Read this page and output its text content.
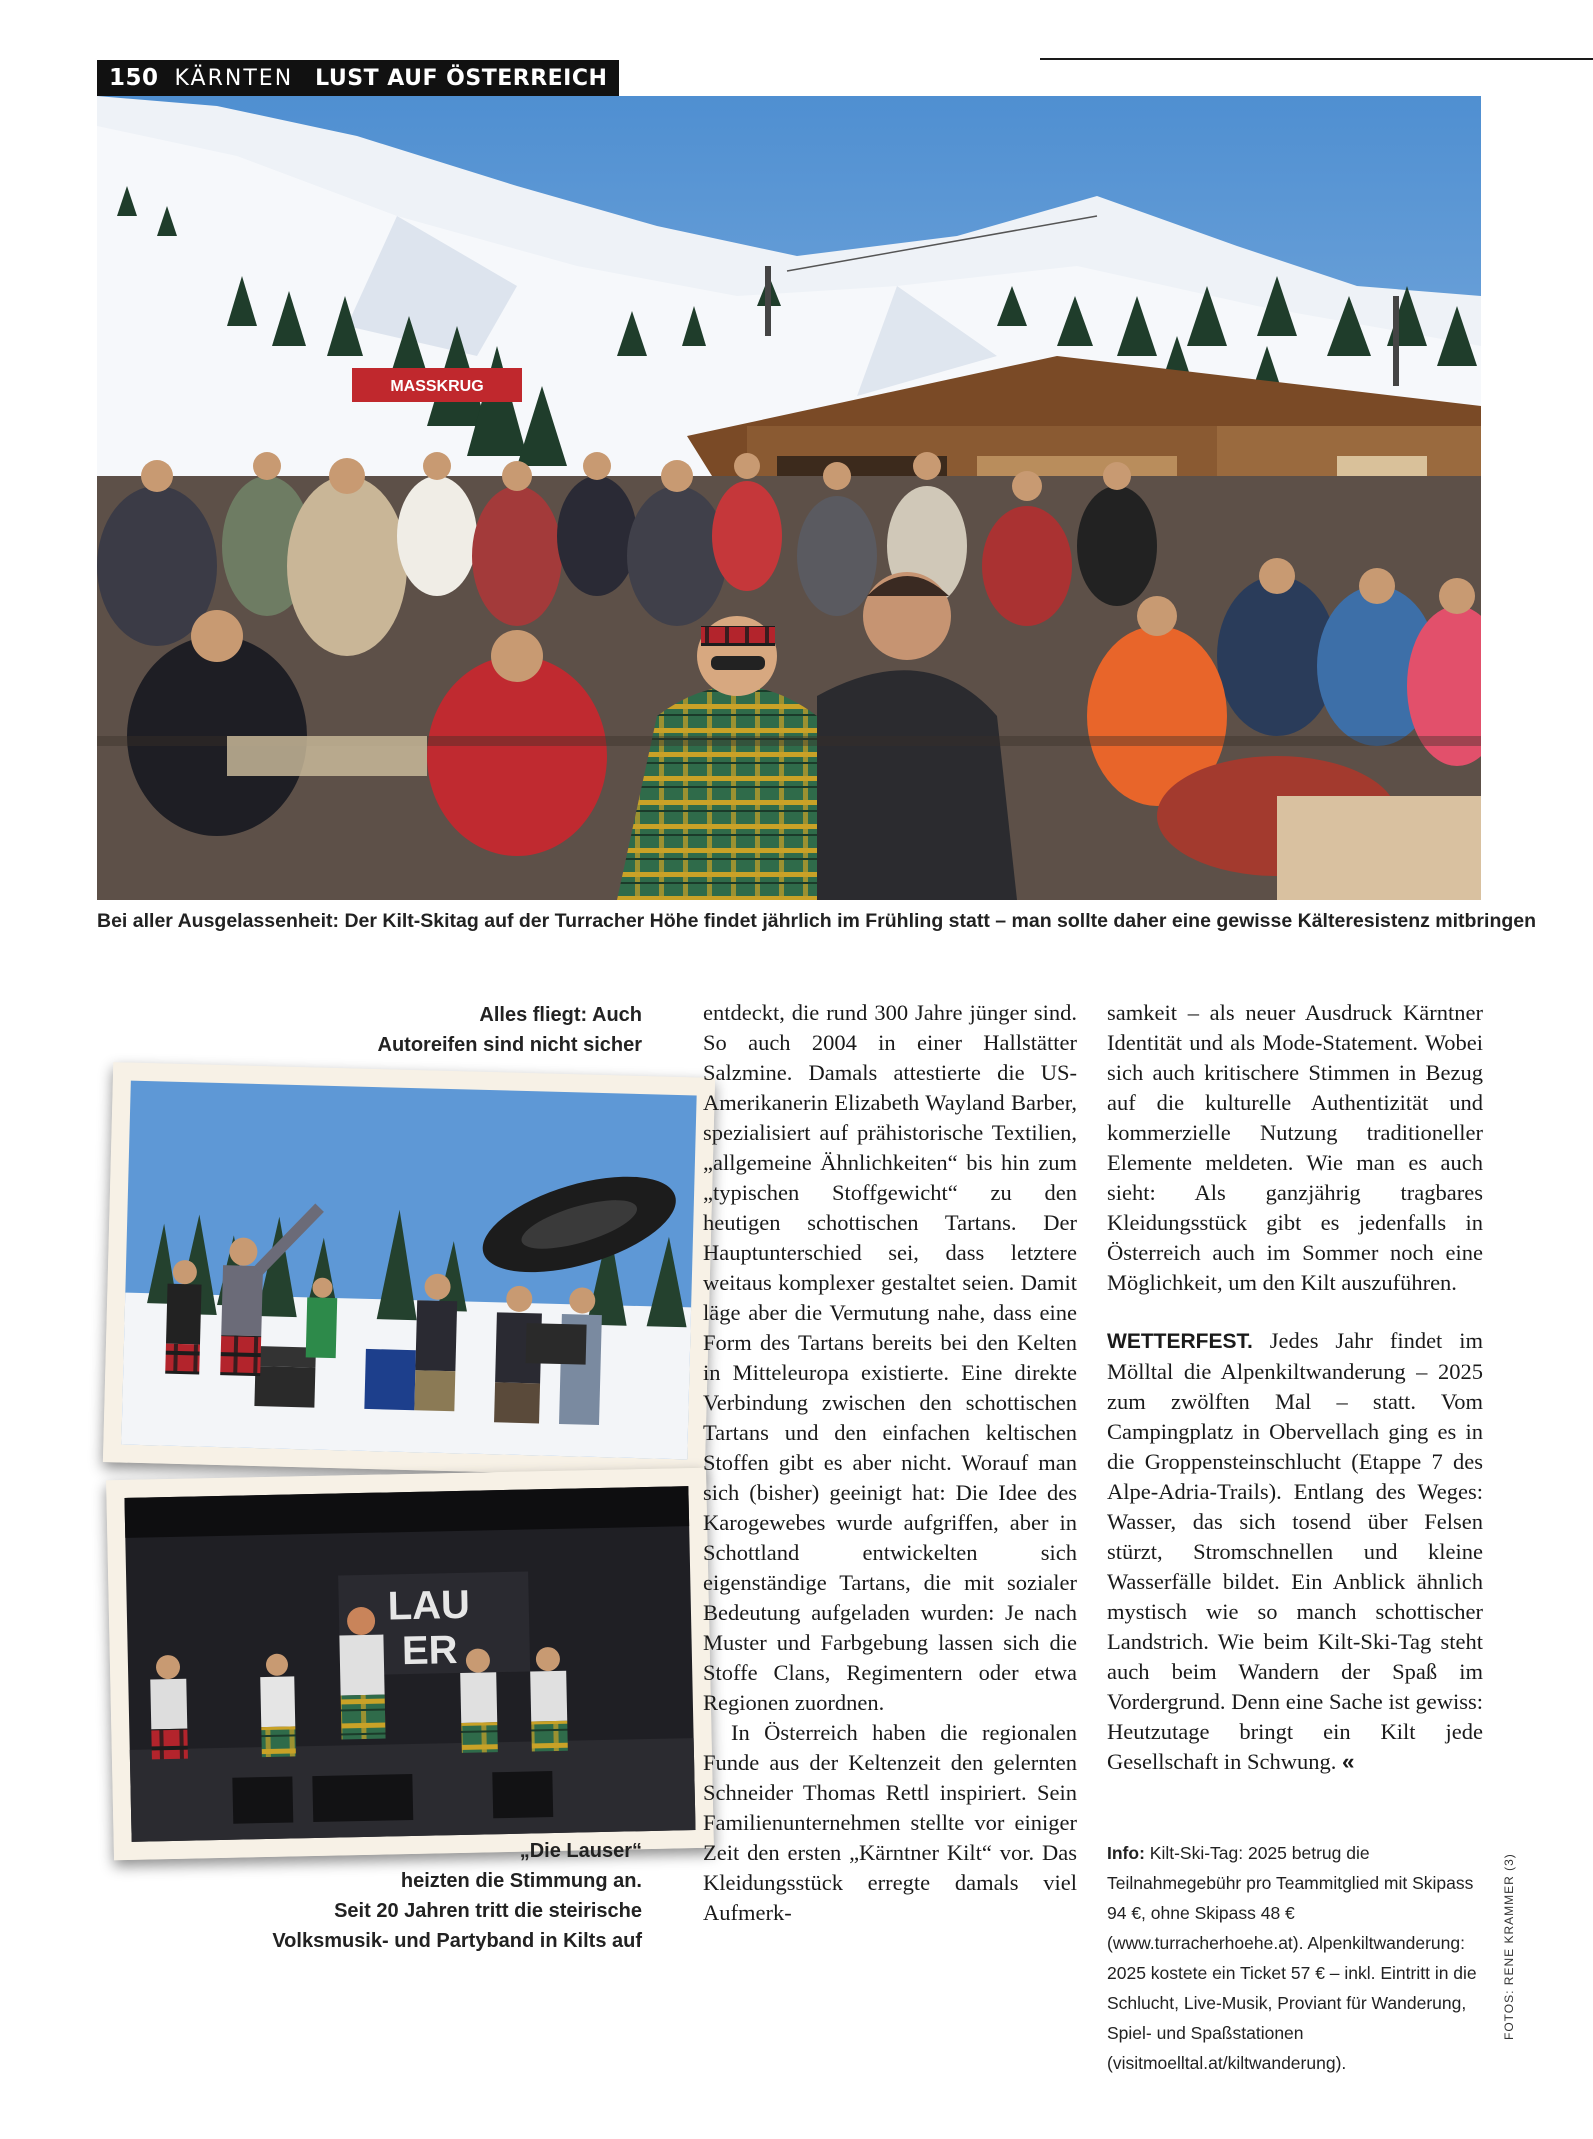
150 KÄRNTEN	LUST AUF ÖSTERREICH
MASSKRUG
Bei aller Ausgelassenheit: Der Kilt-Skitag auf der Turracher Höhe findet jährlich im Frühling statt – man sollte daher eine gewisse Kälteresistenz mitbringen
Alles fliegt: Auch
Autoreifen sind nicht sicher
LAU
ER
„Die Lauser“
heizten die Stimmung an.
Seit 20 Jahren tritt die steirische
Volksmusik- und Partyband in Kilts auf

entdeckt, die rund 300 Jahre jünger sind. So auch 2004 in einer Hallstätter Salzmine. Damals attestierte die US-Amerikanerin Elizabeth Wayland Barber, spezialisiert auf prähistorische Textilien, „allgemeine Ähnlichkeiten“ bis hin zum „typischen Stoffgewicht“ zu den heutigen schottischen Tartans. Der Hauptunterschied sei, dass letztere weitaus komplexer gestaltet seien. Damit läge aber die Vermutung nahe, dass eine Form des Tartans bereits bei den Kelten in Mitteleuropa existierte. Eine direkte Verbindung zwischen den schottischen Tartans und den einfachen keltischen Stoffen gibt es aber nicht. Worauf man sich (bisher) geeinigt hat: Die Idee des Karogewebes wurde aufgriffen, aber in Schottland entwickelten sich eigenständige Tartans, die mit sozialer Bedeutung aufgeladen wurden: Je nach Muster und Farbgebung lassen sich die Stoffe Clans, Regimentern oder etwa Regionen zuordnen.

In Österreich haben die regionalen Funde aus der Keltenzeit den gelernten Schneider Thomas Rettl inspiriert. Sein Familienunternehmen stellte vor einiger Zeit den ersten „Kärntner Kilt“ vor. Das Kleidungsstück erregte damals viel Aufmerk-

samkeit – als neuer Ausdruck Kärntner Identität und als Mode-Statement. Wobei sich auch kritischere Stimmen in Bezug auf die kulturelle Authentizität und kommerzielle Nutzung traditioneller Elemente meldeten. Wie man es auch sieht: Als ganzjährig tragbares Kleidungsstück gibt es jedenfalls in Österreich auch im Sommer noch eine Möglichkeit, um den Kilt auszuführen.

WETTERFEST. Jedes Jahr findet im Mölltal die Alpenkiltwanderung – 2025 zum zwölften Mal – statt. Vom Campingplatz in Obervellach ging es in die Groppensteinschlucht (Etappe 7 des Alpe-Adria-Trails). Entlang des Weges: Wasser, das sich tosend über Felsen stürzt, Stromschnellen und kleine Wasserfälle bildet. Ein Anblick ähnlich mystisch wie so manch schottischer Landstrich. Wie beim Kilt-Ski-Tag steht auch beim Wandern der Spaß im Vordergrund. Denn eine Sache ist gewiss: Heutzutage bringt ein Kilt jede Gesellschaft in Schwung. «

Info: Kilt-Ski-Tag: 2025 betrug die Teilnahmegebühr pro Teammitglied mit Skipass 94 €, ohne Skipass 48 € (www.turracherhoehe.at). Alpenkiltwanderung: 2025 kostete ein Ticket 57 € – inkl. Eintritt in die Schlucht, Live-Musik, Proviant für Wanderung, Spiel- und Spaßstationen (visitmoelltal.at/kiltwanderung).
FOTOS: RENE KRAMMER (3)
